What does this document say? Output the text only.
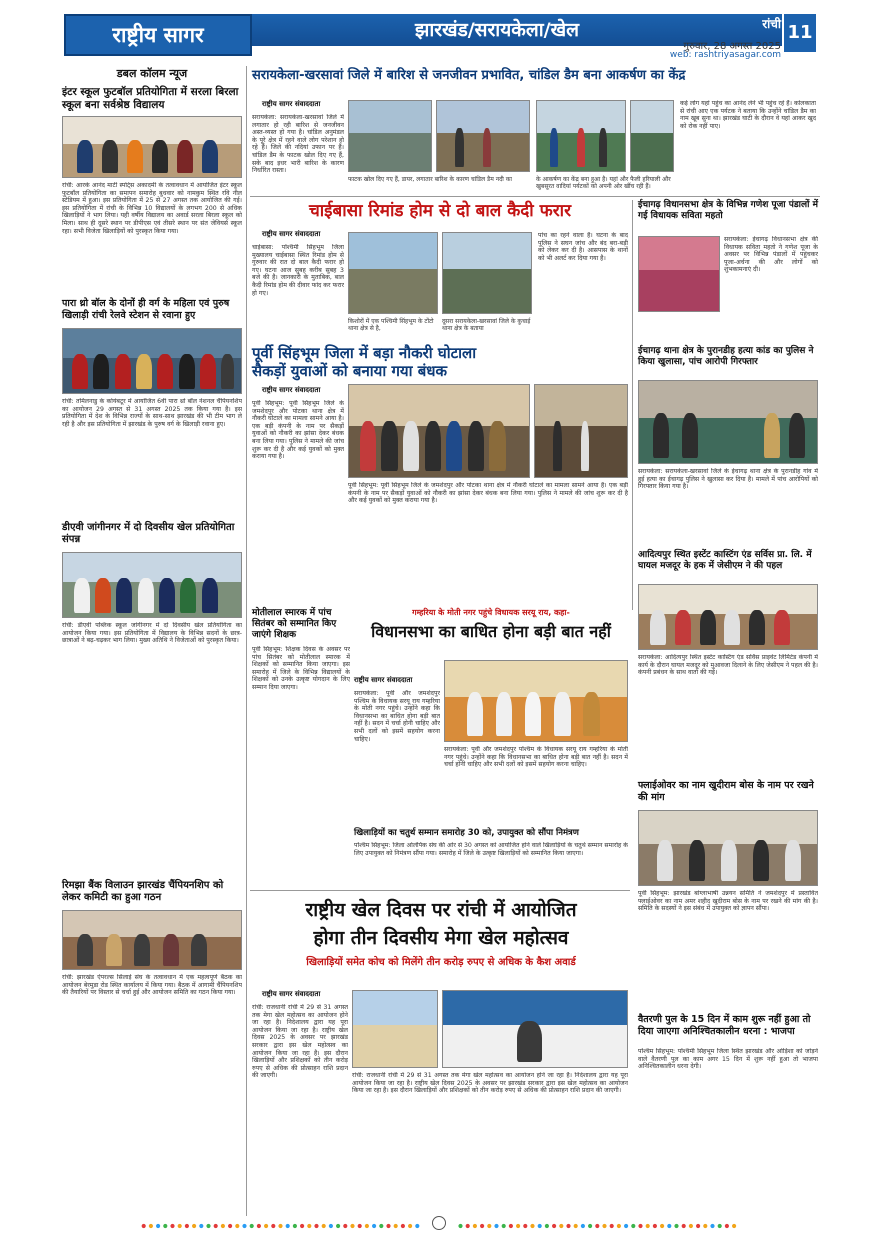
राष्ट्रीय सागर	झारखंड/सरायकेला/खेल	रांची
गुरुवार, 28 अगस्त 2025
web: rashtriyasagar.com
11
डबल कॉलम न्यूज
इंटर स्कूल फुटबॉल प्रतियोगिता में सरला बिरला स्कूल बना सर्वश्रेष्ठ विद्यालय
रांची: आरके आनंद मार्टी स्पोर्ट्स अकादमी के तत्वावधान में आयोजित इंटर स्कूल फुटबॉल प्रतियोगिता का समापन समारोह बुधवार को नामकुम स्थित रवि नील स्टेडियम में हुआ। इस प्रतियोगिता में 25 से 27 अगस्त तक आयोजित की गई। इस प्रतियोगिता में रांची के विभिन्न 10 विद्यालयों के लगभग 200 से अधिक खिलाड़ियों ने भाग लिया। यही वर्षीय विद्यालय का अवार्ड सरला बिरला स्कूल को मिला। साथ ही दूसरे स्थान पर डीपीएस एवं तीसरे स्थान पर संत जेवियर्स स्कूल रहा। सभी विजेता खिलाड़ियों को पुरस्कृत किया गया।
पारा थ्रो बॉल के दोनों ही वर्ग के महिला एवं पुरुष खिलाड़ी रांची रेलवे स्टेशन से रवाना हुए
रांची: तमिलनाडु के कोयंबटूर में आयोजित 6वीं पारा थ्रो बॉल नेशनल चैंपियनशिप का आयोजन 29 अगस्त से 31 अगस्त 2025 तक किया गया है। इस प्रतियोगिता में देश के विभिन्न राज्यों के साथ-साथ झारखंड की भी टीम भाग ले रही है और इस प्रतियोगिता में झारखंड के पुरुष वर्ग के खिलाड़ी रवाना हुए।
डीएवी जांगीनगर में दो दिवसीय खेल प्रतियोगिता संपन्न
रांची: डीएवी पब्लिक स्कूल जांगीनगर में दो दिवसीय खेल प्रतियोगिता का आयोजन किया गया। इस प्रतियोगिता में विद्यालय के विभिन्न सदनों के छात्र-छात्राओं ने बढ़-चढ़कर भाग लिया। मुख्य अतिथि ने विजेताओं को पुरस्कृत किया।
रिमझा बैंक विलाउन झारखंड चैंपियनशिप को लेकर कमिटी का हुआ गठन
रांची: झारखंड ऐपरल्स सिलाई संघ के तत्वावधान में एक महत्वपूर्ण बैठक का आयोजन बेरमुडा रोड स्थित कार्यालय में किया गया। बैठक में आगामी चैंपियनशिप की तैयारियों पर विस्तार से चर्चा हुई और आयोजन समिति का गठन किया गया।
सरायकेला-खरसावां जिले में बारिश से जनजीवन प्रभावित, चांडिल डैम बना आकर्षण का केंद्र
राष्ट्रीय सागर संवाददाता
सरायकेला: सरायकेला-खरसावां जिले में लगातार हो रही बारिश से जनजीवन अस्त-व्यस्त हो गया है। चांडिल अनुमंडल के पूरे क्षेत्र में रहने वाले लोग परेशान हो रहे हैं। जिले की नदियां उफान पर हैं। चांडिल डैम के फाटक खोल दिए गए हैं, सके बाद इधर भारी बारिश के कारण निर्धारित रास्ता।
फाटक खोल दिए गए हैं, डायर, लगातार बारिश के कारण चांडिल डैम नदी का	के आकर्षण का केंद्र बना हुआ है। यहां और फैली हरियाली और खुबसूरत वादियां पर्यटकों को अपनी ओर खींच रही हैं।
कई लोग यहां पहुंच का आनंद लेने भी पहुंच रहे हैं। कोलकाता से रांची आए एक पर्यटक ने बताया कि उन्होंने चांडिल डैम का नाम खूब सुना था। झारखंड घाटी के दौरान वे यहां आकर खुद को रोक नहीं पाए।
चाईबासा रिमांड होम से दो बाल कैदी फरार
राष्ट्रीय सागर संवाददाता
चाईबासा: पश्चिमी सिंहभूम जिला मुख्यालय चाईबासा स्थित रिमांड होम से गुरुवार की रात दो बाल कैदी फरार हो गए। घटना आज सुबह करीब सुबह 3 बजे की है। जानकारी के मुताबिक, बाल कैदी रिमांड होम की दीवार फांद कर फरार हो गए।
किशोरों में एक पश्चिमी सिंहभूम के टोंटो थाना क्षेत्र से है,
दूसरा सरायकेला-खरसावां जिले के कुचाई थाना क्षेत्र के बताया
पांच का रहने वाला है। घटना के बाद पुलिस ने सघन जांच और बंद बरा-बड़ी को लेकर कर दी है। आसपास के थानों को भी अलर्ट कर दिया गया है।
पूर्वी सिंहभूम जिला में बड़ा नौकरी घोटाला
सैकड़ों युवाओं को बनाया गया बंधक
राष्ट्रीय सागर संवाददाता
पूर्वी सिंहभूम: पूर्वी सिंहभूम जिले के जमशेदपुर और पोटका थाना क्षेत्र में नौकरी घोटाले का मामला सामने आया है। एक बड़ी कंपनी के नाम पर सैकड़ों युवाओं को नौकरी का झांसा देकर बंधक बना लिया गया। पुलिस ने मामले की जांच शुरू कर दी है और कई युवकों को मुक्त कराया गया है।
पूर्वी सिंहभूम: पूर्वी सिंहभूम जिले के जमशेदपुर और पोटका थाना क्षेत्र में नौकरी घोटाले का मामला सामने आया है। एक बड़ी कंपनी के नाम पर सैकड़ों युवाओं को नौकरी का झांसा देकर बंधक बना लिया गया। पुलिस ने मामले की जांच शुरू कर दी है और कई युवकों को मुक्त कराया गया है।
ईचागढ़ विधानसभा क्षेत्र के विभिन्न गणेश पूजा पंडालों में गई विधायक सविता महतो
सरायकेला: ईचागढ़ विधानसभा क्षेत्र की विधायक सविता महतो ने गणेश पूजा के अवसर पर विभिन्न पंडालों में पहुंचकर पूजा-अर्चना की और लोगों को शुभकामनाएं दी।
ईचागढ़ थाना क्षेत्र के पुरानडीह हत्या कांड का पुलिस ने किया खुलासा, पांच आरोपी गिरफ्तार
सरायकेला: सरायकेला-खरसावां जिले के ईचागढ़ थाना क्षेत्र के पुरानडीह गांव में हुई हत्या का ईचागढ़ पुलिस ने खुलासा कर दिया है। मामले में पांच आरोपियों को गिरफ्तार किया गया है।
आदित्यपुर स्थित इस्टेंट कास्टिंग एंड सर्विस प्रा. लि. में घायल मजदूर के हक में जेसीएम ने की पहल
सरायकेला: आदित्यपुर स्थित इस्टेंट कास्टिंग एंड सर्विस प्राइवेट लिमिटेड कंपनी में कार्य के दौरान घायल मजदूर को मुआवजा दिलाने के लिए जेसीएम ने पहल की है। कंपनी प्रबंधन के साथ वार्ता की गई।
फ्लाईओवर का नाम खुदीराम बोस के नाम पर रखने की मांग
पूर्वी सिंहभूम: झारखंड बांग्लाभाषी उन्नयन समिति ने जमशेदपुर में प्रस्तावित फ्लाईओवर का नाम अमर शहीद खुदीराम बोस के नाम पर रखने की मांग की है। समिति के सदस्यों ने इस संबंध में उपायुक्त को ज्ञापन सौंपा।
वैतरणी पुल के 15 दिन में काम शुरू नहीं हुआ तो दिया जाएगा अनिश्चितकालीन धरना : भाजपा
पश्चिम सिंहभूम: पश्चिमी सिंहभूम जिला स्थित झारखंड और ओड़िशा को जोड़ने वाले वैतरणी पुल का काम अगर 15 दिन में शुरू नहीं हुआ तो भाजपा अनिश्चितकालीन धरना देगी।
मोतीलाल स्मारक में पांच सितंबर को सम्मानित किए जाएंगे शिक्षक
पूर्वी सिंहभूम: शिक्षक दिवस के अवसर पर पांच सितंबर को मोतीलाल स्मारक में शिक्षकों को सम्मानित किया जाएगा। इस समारोह में जिले के विभिन्न विद्यालयों के शिक्षकों को उनके उत्कृष्ट योगदान के लिए सम्मान दिया जाएगा।
गम्हरिया के मोती नगर पहुंचे विधायक सरयू राय, कहा-
विधानसभा का बाधित होना बड़ी बात नहीं
राष्ट्रीय सागर संवाददाता
सरायकेला: पूर्वी और जमशेदपुर पश्चिम के विधायक सरयू राय गम्हरिया के मोती नगर पहुंचे। उन्होंने कहा कि विधानसभा का बाधित होना बड़ी बात नहीं है। सदन में चर्चा होनी चाहिए और सभी दलों को इसमें सहयोग करना चाहिए।
सरायकेला: पूर्वी और जमशेदपुर पश्चिम के विधायक सरयू राय गम्हरिया के मोती नगर पहुंचे। उन्होंने कहा कि विधानसभा का बाधित होना बड़ी बात नहीं है। सदन में चर्चा होनी चाहिए और सभी दलों को इसमें सहयोग करना चाहिए।
खिलाड़ियों का चतुर्थ सम्मान समारोह 30 को, उपायुक्त को सौंपा निमंत्रण
पश्चिम सिंहभूम: जिला ओलंपिक संघ की ओर से 30 अगस्त को आयोजित होने वाले खिलाड़ियों के चतुर्थ सम्मान समारोह के लिए उपायुक्त को निमंत्रण सौंपा गया। समारोह में जिले के उत्कृष्ट खिलाड़ियों को सम्मानित किया जाएगा।
राष्ट्रीय खेल दिवस पर रांची में आयोजित
होगा तीन दिवसीय मेगा खेल महोत्सव
खिलाड़ियों समेत कोच को मिलेंगे तीन करोड़ रुपए से अधिक के कैश अवार्ड
राष्ट्रीय सागर संवाददाता
रांची: राजधानी रांची में 29 से 31 अगस्त तक मेगा खेल महोत्सव का आयोजन होने जा रहा है। निदेशालय द्वारा यह पूरा आयोजन किया जा रहा है। राष्ट्रीय खेल दिवस 2025 के अवसर पर झारखंड सरकार द्वारा इस खेल महोत्सव का आयोजन किया जा रहा है। इस दौरान खिलाड़ियों और प्रशिक्षकों को तीन करोड़ रुपए से अधिक की प्रोत्साहन राशि प्रदान की जाएगी।	रांची: राजधानी रांची में 29 से 31 अगस्त तक मेगा खेल महोत्सव का आयोजन होने जा रहा है। निदेशालय द्वारा यह पूरा आयोजन किया जा रहा है। राष्ट्रीय खेल दिवस 2025 के अवसर पर झारखंड सरकार द्वारा इस खेल महोत्सव का आयोजन किया जा रहा है। इस दौरान खिलाड़ियों और प्रशिक्षकों को तीन करोड़ रुपए से अधिक की प्रोत्साहन राशि प्रदान की जाएगी।
